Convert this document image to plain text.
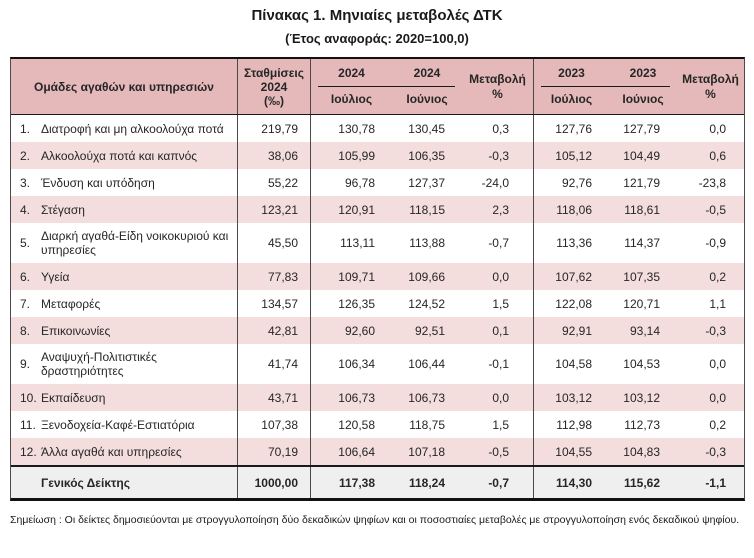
Πίνακας 1. Μηνιαίες μεταβολές ΔΤΚ
(Έτος αναφοράς: 2020=100,0)
Ομάδες αγαθών και υπηρεσιών
Σταθμίσεις
2024
(‰)
2024	2024
Ιούλιος	Ιούνιος
Μεταβολή
%
2023	2023
Ιούλιος	Ιούνιος
Μεταβολή
%
1. Διατροφή και μη αλκοολούχα ποτά	219,79	130,78	130,45	0,3	127,76	127,79	0,0
2. Αλκοολούχα ποτά και καπνός	38,06	105,99	106,35	-0,3	105,12	104,49	0,6
3. Ένδυση και υπόδηση	55,22	96,78	127,37	-24,0	92,76	121,79	-23,8
4. Στέγαση	123,21	120,91	118,15	2,3	118,06	118,61	-0,5
5. Διαρκή αγαθά-Είδη νοικοκυριού και υπηρεσίες	45,50	113,11	113,88	-0,7	113,36	114,37	-0,9
6. Υγεία	77,83	109,71	109,66	0,0	107,62	107,35	0,2
7. Μεταφορές	134,57	126,35	124,52	1,5	122,08	120,71	1,1
8. Επικοινωνίες	42,81	92,60	92,51	0,1	92,91	93,14	-0,3
9. Αναψυχή-Πολιτιστικές δραστηριότητες	41,74	106,34	106,44	-0,1	104,58	104,53	0,0
10. Εκπαίδευση	43,71	106,73	106,73	0,0	103,12	103,12	0,0
11. Ξενοδοχεία-Καφέ-Εστιατόρια	107,38	120,58	118,75	1,5	112,98	112,73	0,2
12. Άλλα αγαθά και υπηρεσίες	70,19	106,64	107,18	-0,5	104,55	104,83	-0,3
Γενικός Δείκτης	1000,00	117,38	118,24	-0,7	114,30	115,62	-1,1
Σημείωση : Οι δείκτες δημοσιεύονται με στρογγυλοποίηση δύο δεκαδικών ψηφίων και οι ποσοστιαίες μεταβολές με στρογγυλοποίηση ενός δεκαδικού ψηφίου.
